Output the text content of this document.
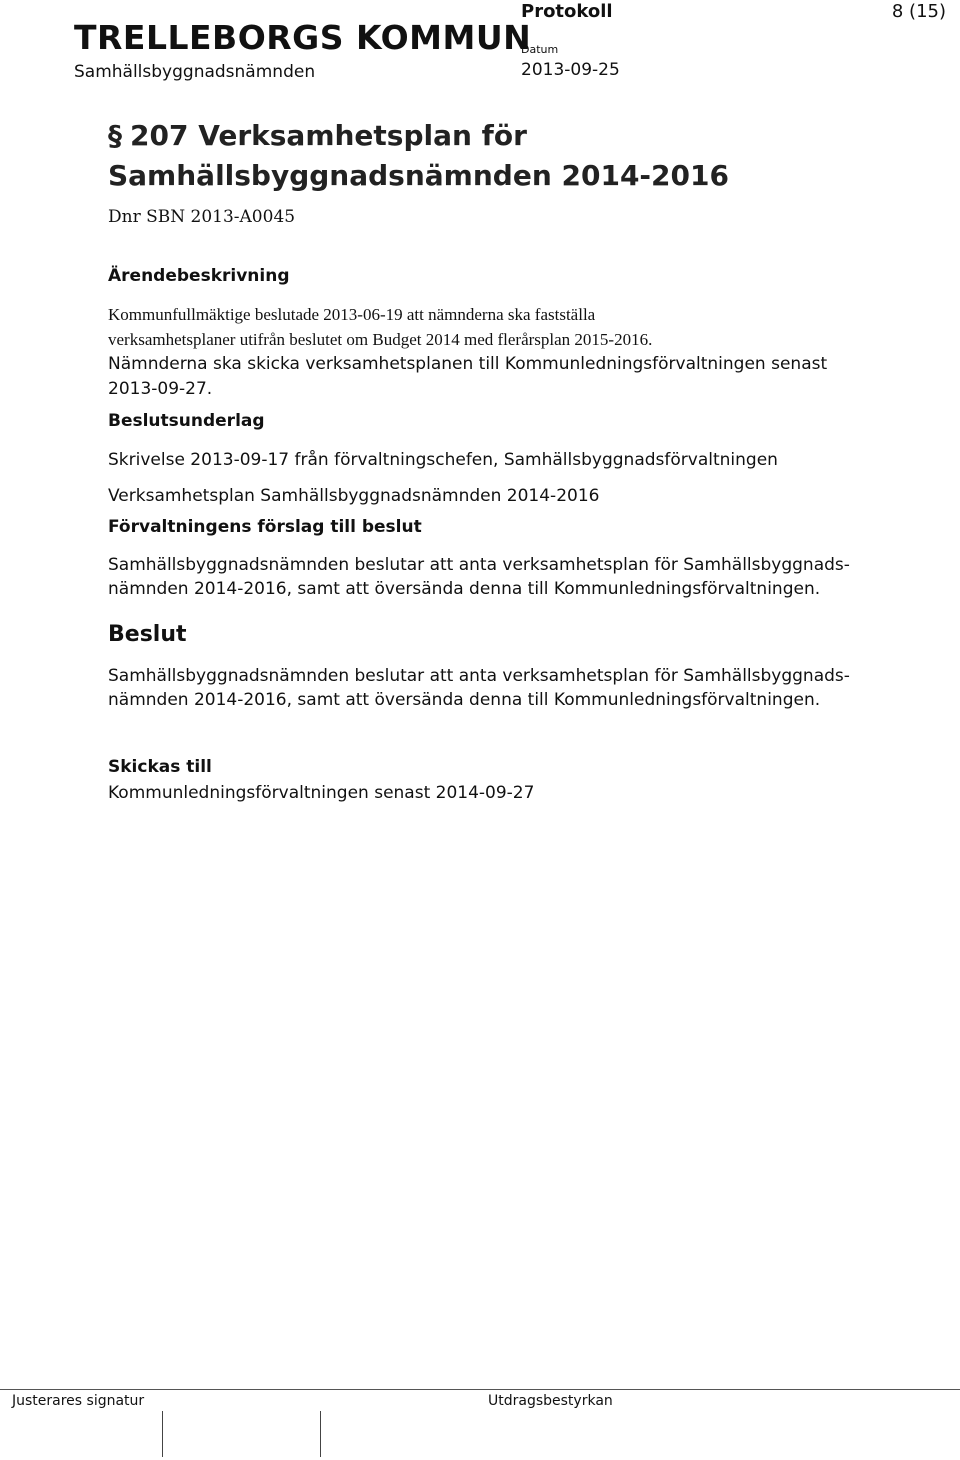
TRELLEBORGS KOMMUN
Samhällsbyggnadsnämnden
Protokoll
Datum
2013-09-25
8 (15)
§ 207 Verksamhetsplan för Samhällsbyggnadsnämnden 2014-2016
Dnr SBN 2013-A0045
Ärendebeskrivning
Kommunfullmäktige beslutade 2013-06-19 att nämnderna ska fastställa
verksamhetsplaner utifrån beslutet om Budget 2014 med flerårsplan 2015-2016.
Nämnderna ska skicka verksamhetsplanen till Kommunledningsförvaltningen senast
2013-09-27.
Beslutsunderlag
Skrivelse 2013-09-17 från förvaltningschefen, Samhällsbyggnadsförvaltningen
Verksamhetsplan Samhällsbyggnadsnämnden 2014-2016
Förvaltningens förslag till beslut
Samhällsbyggnadsnämnden beslutar att anta verksamhetsplan för Samhällsbyggnads-
nämnden 2014-2016, samt att översända denna till Kommunledningsförvaltningen.
Beslut
Samhällsbyggnadsnämnden beslutar att anta verksamhetsplan för Samhällsbyggnads-
nämnden 2014-2016, samt att översända denna till Kommunledningsförvaltningen.
Skickas till
Kommunledningsförvaltningen senast 2014-09-27
Justerares signatur	Utdragsbestyrkan
